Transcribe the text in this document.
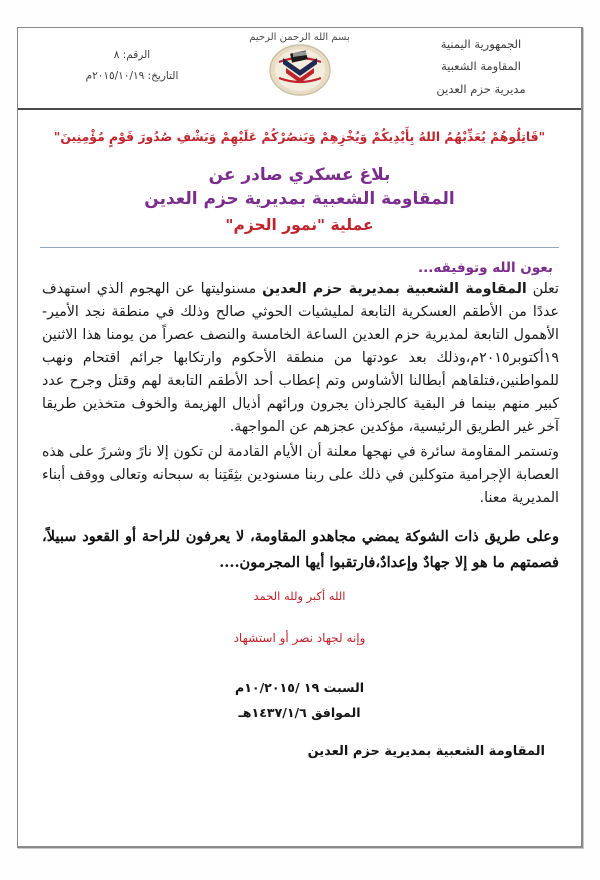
الجمهورية اليمنية
المقاومة الشعبية
مديرية حزم العدين
بسم الله الرحمن الرحيم
الرقم: ٨
التاريخ: ٢٠١٥/١٠/١٩م
"قَاتِلُوهُمْ يُعَذِّبْهُمُ اللهُ بِأَيْدِيكُمْ وَيُخْزِهِمْ وَيَنصُرْكُمْ عَلَيْهِمْ وَيَشْفِ صُدُورَ قَوْمٍ مُؤْمِنِينَ"
بلاغ عسكري صادر عن
المقاومة الشعبية بمديرية حزم العدين
عملية "نمور الحزم"
بعون الله وتوفيقه...
تعلن المقاومة الشعبية بمديرية حزم العدين مسنوليتها عن الهجوم الذي استهدف عددًا من الأطقم العسكرية التابعة لمليشيات الحوثي صالح وذلك في منطقة نجد الأمير- الأهمول التابعة لمديرية حزم العدين الساعة الخامسة والنصف عصراً من يومنا هذا الاثنين ١٩أكتوبر٢٠١٥م،وذلك بعد عودتها من منطقة الأحكوم وارتكابها جرائم اقتحام ونهب للمواطنين،فتلقاهم أبطالنا الأشاوس وتم إعطاب أحد الأطقم التابعة لهم وقتل وجرح عدد كبير منهم بينما فر البقية كالجرذان يجرون ورائهم أذيال الهزيمة والخوف متخذين طريقا آخر غير الطريق الرئيسية، مؤكدين عجزهم عن المواجهة.
وتستمر المقاومة سائرة في نهجها معلنة أن الأيام القادمة لن تكون إلا نارً وشررً على هذه العصابة الإجرامية متوكلين في ذلك على ربنا مسنودين بثِقَتِنا به سبحانه وتعالى ووقف أبناء المديرية معنا.
وعلى طريق ذات الشوكة يمضي مجاهدو المقاومة، لا يعرفون للراحة أو القعود سبيلاً، فصمتهم ما هو إلا جهادٌ وإعدادٌ،فارتقبوا أيها المجرمون....
الله أكبر ولله الحمد
وإنه لجهاد نصر أو استشهاد
السبت ١٩ /١٠/٢٠١٥م
الموافق ١٤٣٧/١/٦هـ
المقاومة الشعبية بمديرية حزم العدين
